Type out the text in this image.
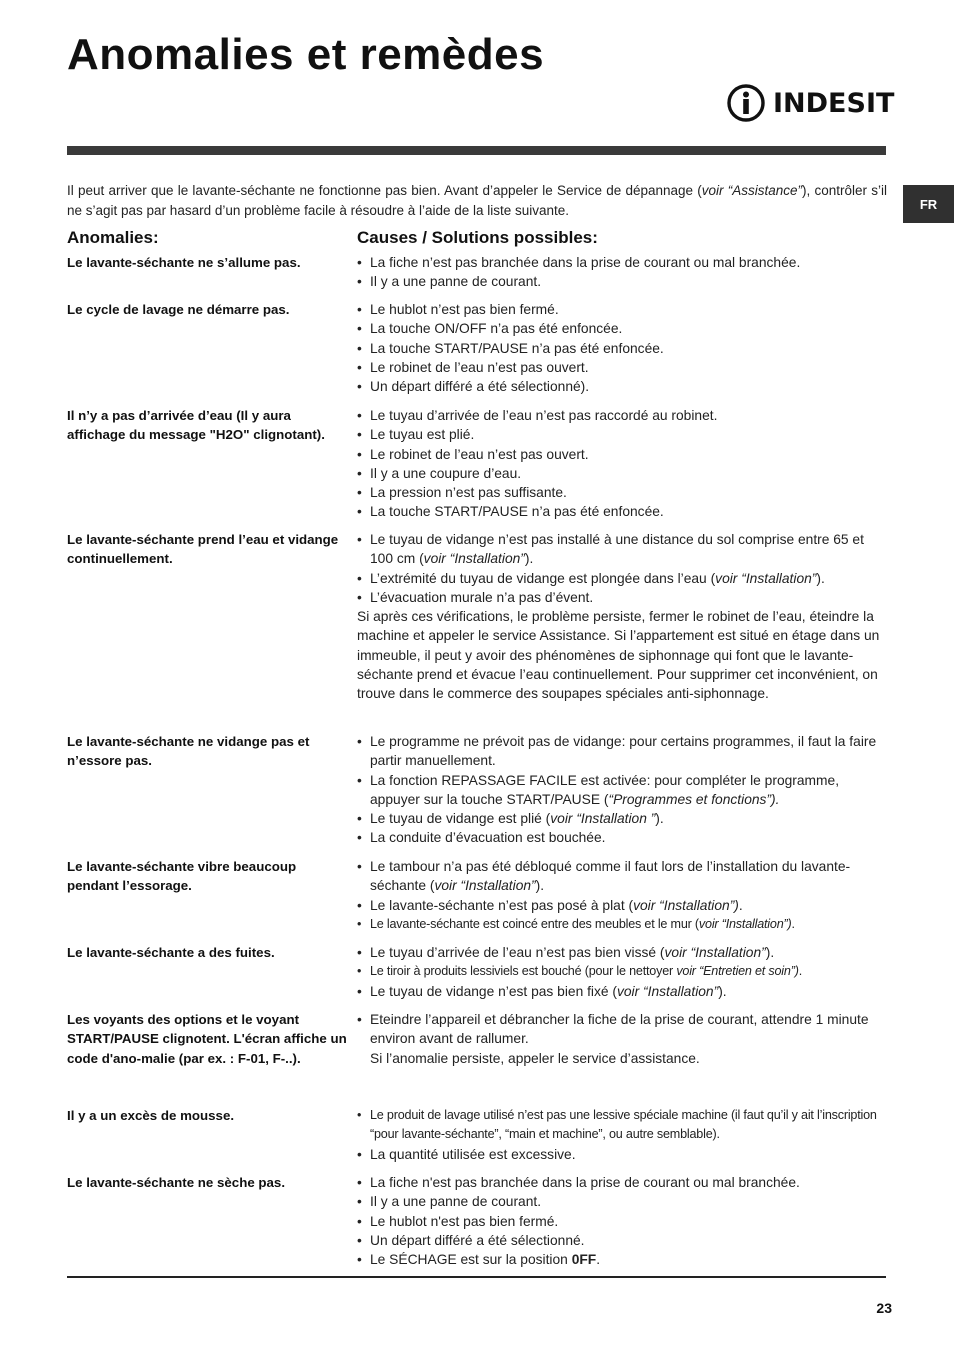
Anomalies et remèdes
INDESIT

Il peut arriver que le lavante-séchante ne fonctionne pas bien. Avant d’appeler le Service de dépannage (voir “Assistance”), contrôler s’il ne s’agit pas par hasard d’un problème facile à résoudre à l’aide de la liste suivante.	FR
Anomalies:	Causes / Solutions possibles:
Le lavante-séchante ne s’allume pas.	• La fiche n’est pas branchée dans la prise de courant ou mal branchée.
• Il y a une panne de courant.
Le cycle de lavage ne démarre pas.	• Le hublot n’est pas bien fermé.
• La touche ON/OFF n’a pas été enfoncée.
• La touche START/PAUSE n’a pas été enfoncée.
• Le robinet de l’eau n’est pas ouvert.
• Un départ différé a été sélectionné).
Il n’y a pas d’arrivée d’eau (Il y aura affichage du message "H2O" clignotant).
• Le tuyau d’arrivée de l’eau n’est pas raccordé au robinet.
• Le tuyau est plié.
• Le robinet de l’eau n’est pas ouvert.
• Il y a une coupure d’eau.
• La pression n’est pas suffisante.
• La touche START/PAUSE n’a pas été enfoncée.
Le lavante-séchante prend l’eau et vidange continuellement.
• Le tuyau de vidange n’est pas installé à une distance du sol comprise entre 65 et 100 cm (voir “Installation”).
• L’extrémité du tuyau de vidange est plongée dans l’eau (voir “Installation”).
• L’évacuation murale n’a pas d’évent.
Si après ces vérifications, le problème persiste, fermer le robinet de l’eau, éteindre la machine et appeler le service Assistance. Si l’appartement est situé en étage dans un immeuble, il peut y avoir des phénomènes de siphonnage qui font que le lavante-séchante prend et évacue l’eau continuellement. Pour supprimer cet inconvénient, on trouve dans le commerce des soupapes spéciales anti-siphonnage.
Le lavante-séchante ne vidange pas et n’essore pas.
• Le programme ne prévoit pas de vidange: pour certains programmes, il faut la faire partir manuellement.
• La fonction REPASSAGE FACILE est activée: pour compléter le programme, appuyer sur la touche START/PAUSE (“Programmes et fonctions”).
• Le tuyau de vidange est plié (voir “Installation ”).
• La conduite d’évacuation est bouchée.
Le lavante-séchante vibre beaucoup pendant l’essorage.
• Le tambour n’a pas été débloqué comme il faut lors de l’installation du lavante-séchante (voir “Installation”).
• Le lavante-séchante n’est pas posé à plat (voir “Installation”).
• Le lavante-séchante est coincé entre des meubles et le mur (voir “Installation”).
Le lavante-séchante a des fuites.	• Le tuyau d’arrivée de l’eau n’est pas bien vissé (voir “Installation”).
• Le tiroir à produits lessiviels est bouché (pour le nettoyer voir “Entretien et soin”).
• Le tuyau de vidange n’est pas bien fixé (voir “Installation”).
Les voyants des options et le voyant START/PAUSE clignotent. L'écran affiche un code d'ano-malie (par ex. : F-01, F-..).
• Eteindre l’appareil et débrancher la fiche de la prise de courant, attendre 1 minute environ avant de rallumer.
Si l’anomalie persiste, appeler le service d’assistance.
Il y a un excès de mousse.	• Le produit de lavage utilisé n’est pas une lessive spéciale machine (il faut qu’il y ait l’inscription “pour lavante-séchante”, “main et machine”, ou autre semblable).
• La quantité utilisée est excessive.
Le lavante-séchante ne sèche pas.	• La fiche n'est pas branchée dans la prise de courant ou mal branchée.
• Il y a une panne de courant.
• Le hublot n'est pas bien fermé.
• Un départ différé a été sélectionné.
• Le SÉCHAGE est sur la position 0FF.
23
